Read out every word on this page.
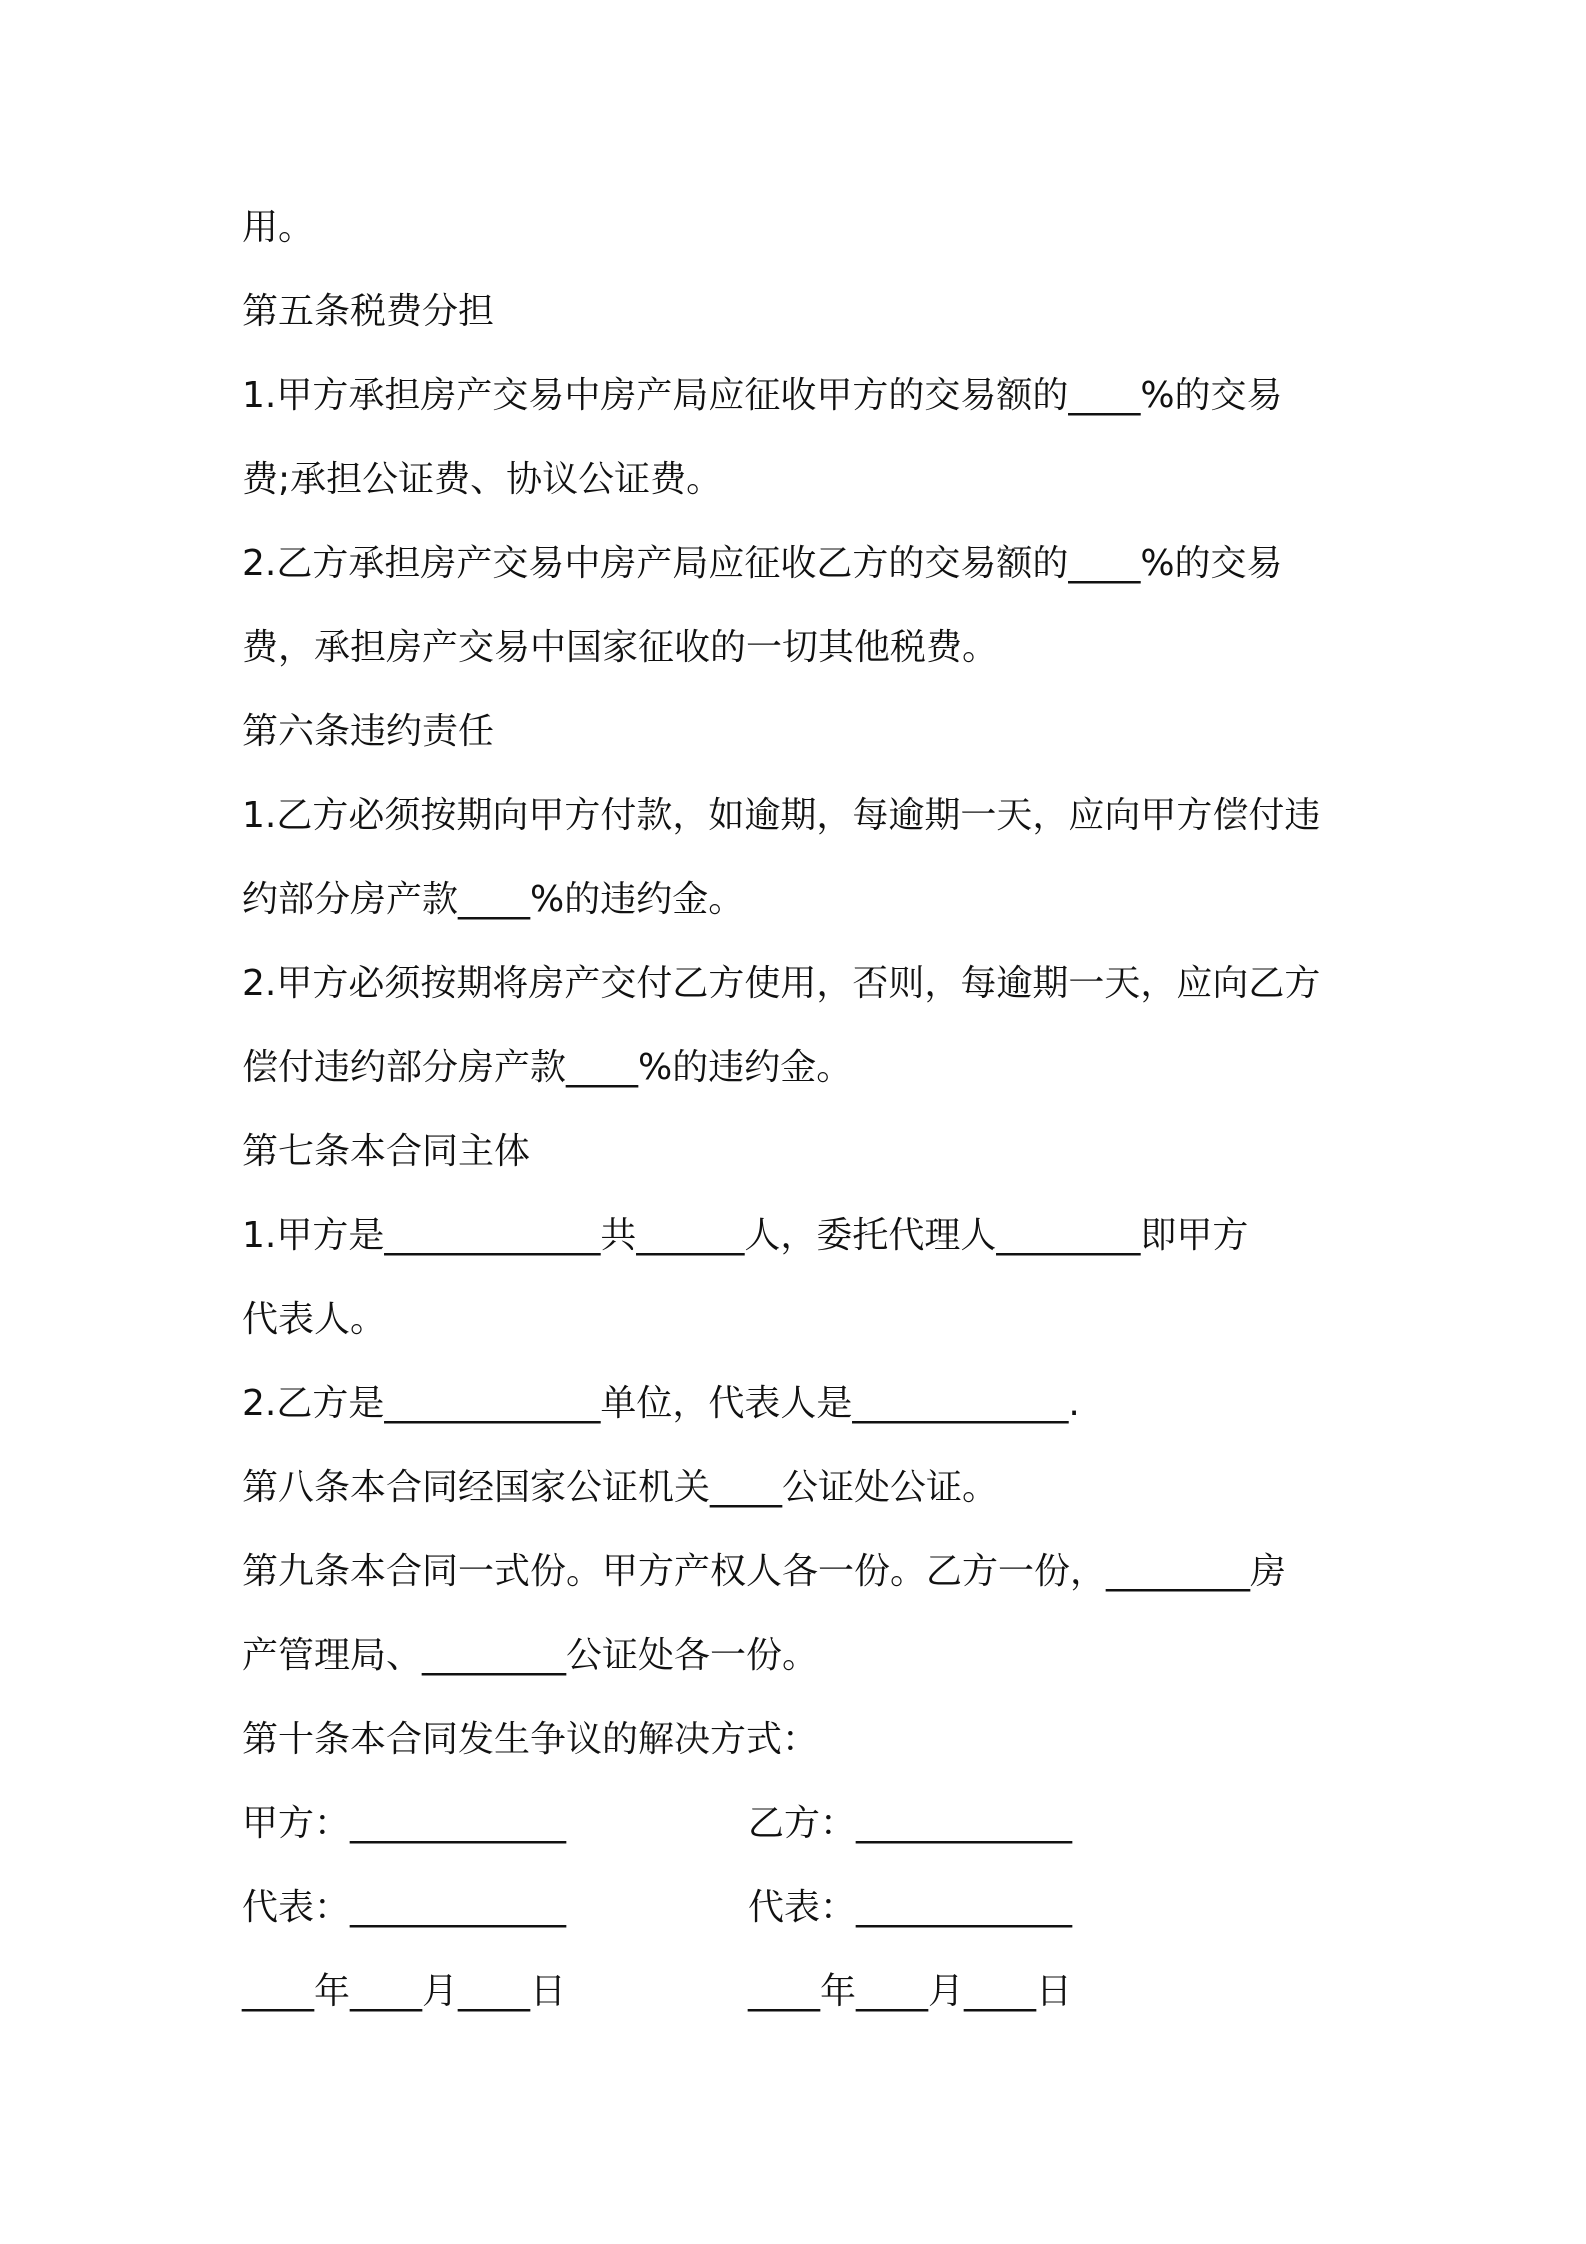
用。

第五条税费分担

1.甲方承担房产交易中房产局应征收甲方的交易额的____%的交易

费;承担公证费、协议公证费。

2.乙方承担房产交易中房产局应征收乙方的交易额的____%的交易

费，承担房产交易中国家征收的一切其他税费。

第六条违约责任

1.乙方必须按期向甲方付款，如逾期，每逾期一天，应向甲方偿付违

约部分房产款____%的违约金。

2.甲方必须按期将房产交付乙方使用，否则，每逾期一天，应向乙方

偿付违约部分房产款____%的违约金。

第七条本合同主体

1.甲方是____________共______人，委托代理人________即甲方

代表人。

2.乙方是____________单位，代表人是____________.

第八条本合同经国家公证机关____公证处公证。

第九条本合同一式份。甲方产权人各一份。乙方一份，________房

产管理局、________公证处各一份。

第十条本合同发生争议的解决方式：

甲方：____________	乙方：____________

代表：____________	代表：____________

____年____月____日	____年____月____日
